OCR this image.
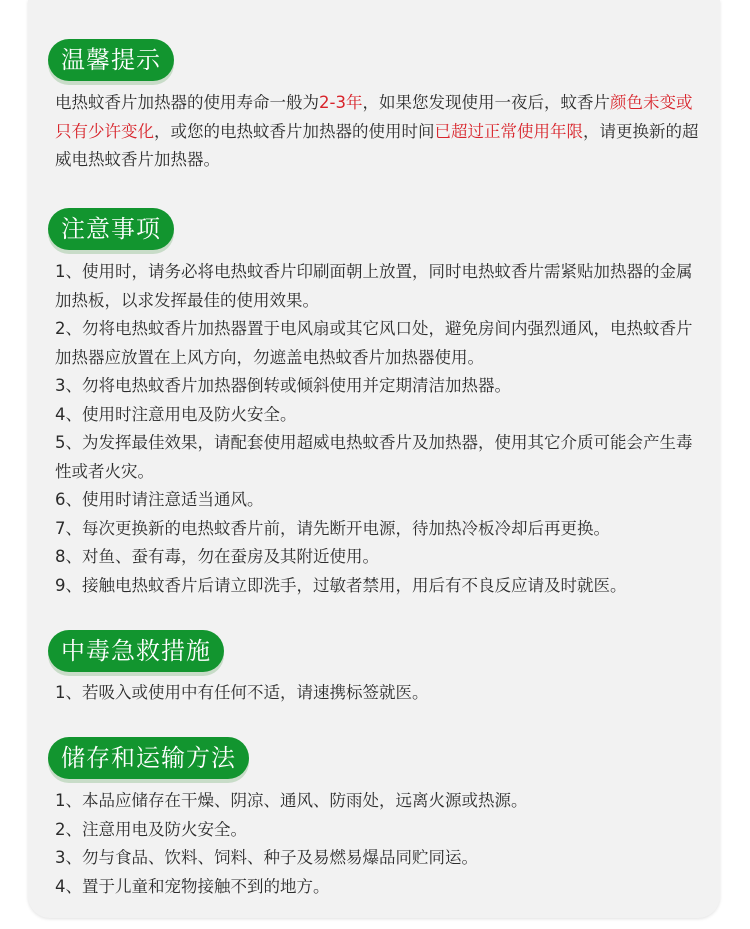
温馨提示

电热蚊香片加热器的使用寿命一般为2-3年，如果您发现使用一夜后，蚊香片颜色未变或只有少许变化，或您的电热蚊香片加热器的使用时间已超过正常使用年限，请更换新的超威电热蚊香片加热器。

注意事项

1、使用时，请务必将电热蚊香片印刷面朝上放置，同时电热蚊香片需紧贴加热器的金属加热板，以求发挥最佳的使用效果。

2、勿将电热蚊香片加热器置于电风扇或其它风口处，避免房间内强烈通风，电热蚊香片加热器应放置在上风方向，勿遮盖电热蚊香片加热器使用。

3、勿将电热蚊香片加热器倒转或倾斜使用并定期清洁加热器。

4、使用时注意用电及防火安全。

5、为发挥最佳效果，请配套使用超威电热蚊香片及加热器，使用其它介质可能会产生毒性或者火灾。

6、使用时请注意适当通风。

7、每次更换新的电热蚊香片前，请先断开电源，待加热冷板冷却后再更换。

8、对鱼、蚕有毒，勿在蚕房及其附近使用。

9、接触电热蚊香片后请立即洗手，过敏者禁用，用后有不良反应请及时就医。

中毒急救措施

1、若吸入或使用中有任何不适，请速携标签就医。

储存和运输方法

1、本品应储存在干燥、阴凉、通风、防雨处，远离火源或热源。

2、注意用电及防火安全。

3、勿与食品、饮料、饲料、种子及易燃易爆品同贮同运。

4、置于儿童和宠物接触不到的地方。
